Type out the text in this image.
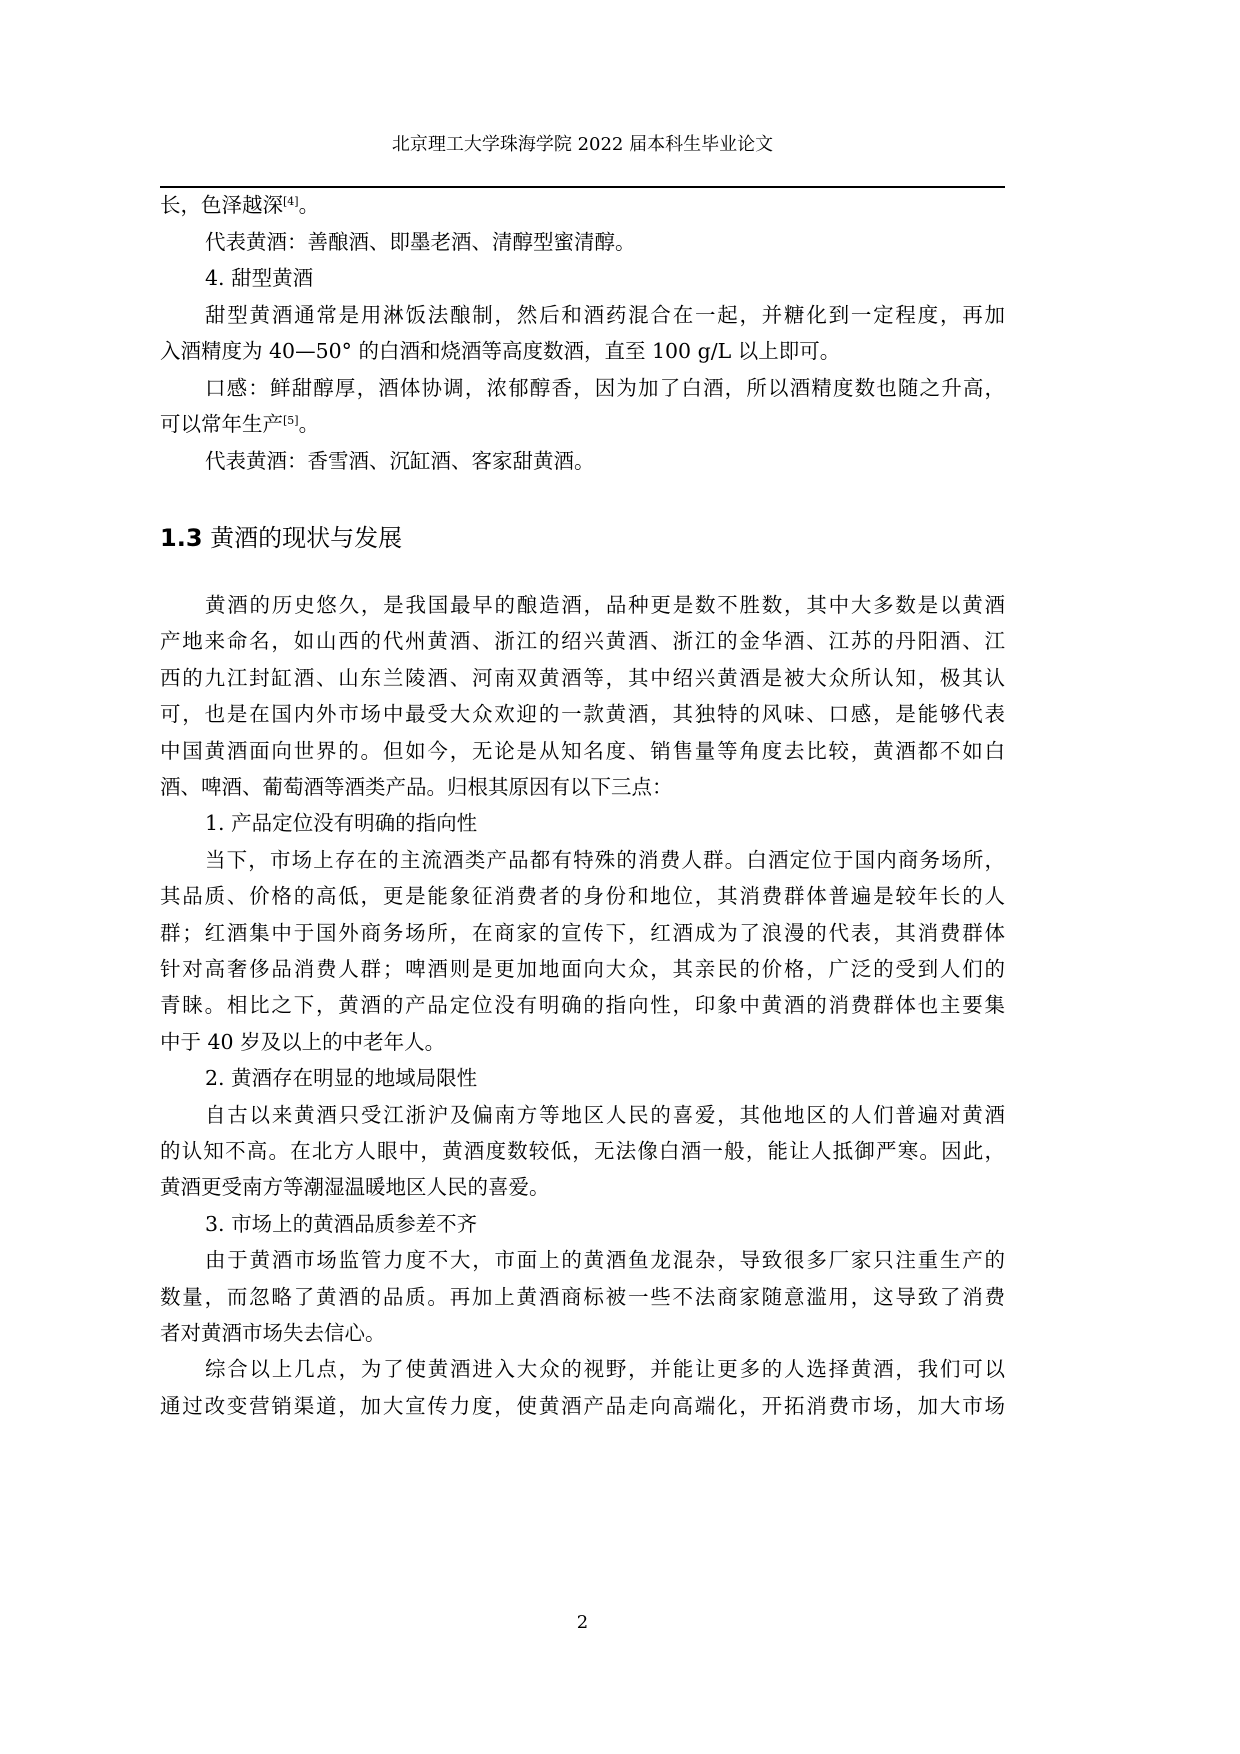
北京理工大学珠海学院 2022 届本科生毕业论文
长，色泽越深[4]。
代表黄酒：善酿酒、即墨老酒、清醇型蜜清醇。
4. 甜型黄酒
甜型黄酒通常是用淋饭法酿制，然后和酒药混合在一起，并糖化到一定程度，再加
入酒精度为 40—50° 的白酒和烧酒等高度数酒，直至 100 g/L 以上即可。
口感：鲜甜醇厚，酒体协调，浓郁醇香，因为加了白酒，所以酒精度数也随之升高，
可以常年生产[5]。
代表黄酒：香雪酒、沉缸酒、客家甜黄酒。
1.3 黄酒的现状与发展
黄酒的历史悠久，是我国最早的酿造酒，品种更是数不胜数，其中大多数是以黄酒
产地来命名，如山西的代州黄酒、浙江的绍兴黄酒、浙江的金华酒、江苏的丹阳酒、江
西的九江封缸酒、山东兰陵酒、河南双黄酒等，其中绍兴黄酒是被大众所认知，极其认
可，也是在国内外市场中最受大众欢迎的一款黄酒，其独特的风味、口感，是能够代表
中国黄酒面向世界的。但如今，无论是从知名度、销售量等角度去比较，黄酒都不如白
酒、啤酒、葡萄酒等酒类产品。归根其原因有以下三点：
1. 产品定位没有明确的指向性
当下，市场上存在的主流酒类产品都有特殊的消费人群。白酒定位于国内商务场所，
其品质、价格的高低，更是能象征消费者的身份和地位，其消费群体普遍是较年长的人
群；红酒集中于国外商务场所，在商家的宣传下，红酒成为了浪漫的代表，其消费群体
针对高奢侈品消费人群；啤酒则是更加地面向大众，其亲民的价格，广泛的受到人们的
青睐。相比之下，黄酒的产品定位没有明确的指向性，印象中黄酒的消费群体也主要集
中于 40 岁及以上的中老年人。
2. 黄酒存在明显的地域局限性
自古以来黄酒只受江浙沪及偏南方等地区人民的喜爱，其他地区的人们普遍对黄酒
的认知不高。在北方人眼中，黄酒度数较低，无法像白酒一般，能让人抵御严寒。因此，
黄酒更受南方等潮湿温暖地区人民的喜爱。
3. 市场上的黄酒品质参差不齐
由于黄酒市场监管力度不大，市面上的黄酒鱼龙混杂，导致很多厂家只注重生产的
数量，而忽略了黄酒的品质。再加上黄酒商标被一些不法商家随意滥用，这导致了消费
者对黄酒市场失去信心。
综合以上几点，为了使黄酒进入大众的视野，并能让更多的人选择黄酒，我们可以
通过改变营销渠道，加大宣传力度，使黄酒产品走向高端化，开拓消费市场，加大市场
2
